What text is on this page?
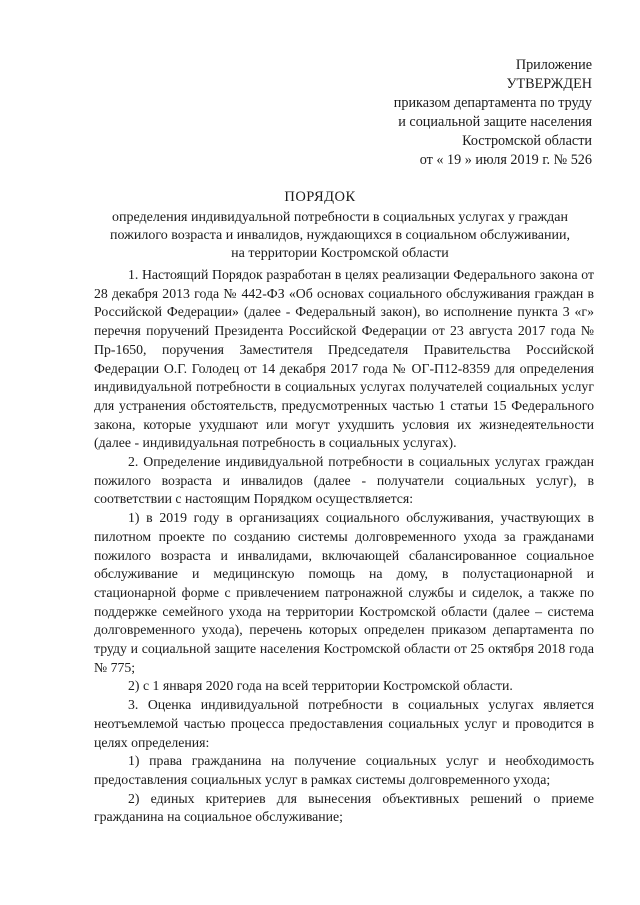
Приложение
УТВЕРЖДЕН
приказом департамента по труду
и социальной защите населения
Костромской области
от « 19 » июля 2019 г. № 526
ПОРЯДОК
определения индивидуальной потребности в социальных услугах у граждан
пожилого возраста и инвалидов, нуждающихся в социальном обслуживании,
на территории Костромской области

1. Настоящий Порядок разработан в целях реализации Федерального закона от 28 декабря 2013 года № 442-ФЗ «Об основах социального обслуживания граждан в Российской Федерации» (далее - Федеральный закон), во исполнение пункта 3 «г» перечня поручений Президента Российской Федерации от 23 августа 2017 года № Пр-1650, поручения Заместителя Председателя Правительства Российской Федерации О.Г. Голодец от 14 декабря 2017 года № ОГ-П12-8359 для определения индивидуальной потребности в социальных услугах получателей социальных услуг для устранения обстоятельств, предусмотренных частью 1 статьи 15 Федерального закона, которые ухудшают или могут ухудшить условия их жизнедеятельности (далее - индивидуальная потребность в социальных услугах).

2. Определение индивидуальной потребности в социальных услугах граждан пожилого возраста и инвалидов (далее - получатели социальных услуг), в соответствии с настоящим Порядком осуществляется:

1) в 2019 году в организациях социального обслуживания, участвующих в пилотном проекте по созданию системы долговременного ухода за гражданами пожилого возраста и инвалидами, включающей сбалансированное социальное обслуживание и медицинскую помощь на дому, в полустационарной и стационарной форме с привлечением патронажной службы и сиделок, а также по поддержке семейного ухода на территории Костромской области (далее – система долговременного ухода), перечень которых определен приказом департамента по труду и социальной защите населения Костромской области от 25 октября 2018 года № 775;

2) с 1 января 2020 года на всей территории Костромской области.

3. Оценка индивидуальной потребности в социальных услугах является неотъемлемой частью процесса предоставления социальных услуг и проводится в целях определения:

1) права гражданина на получение социальных услуг и необходимость предоставления социальных услуг в рамках системы долговременного ухода;

2) единых критериев для вынесения объективных решений о приеме гражданина на социальное обслуживание;
